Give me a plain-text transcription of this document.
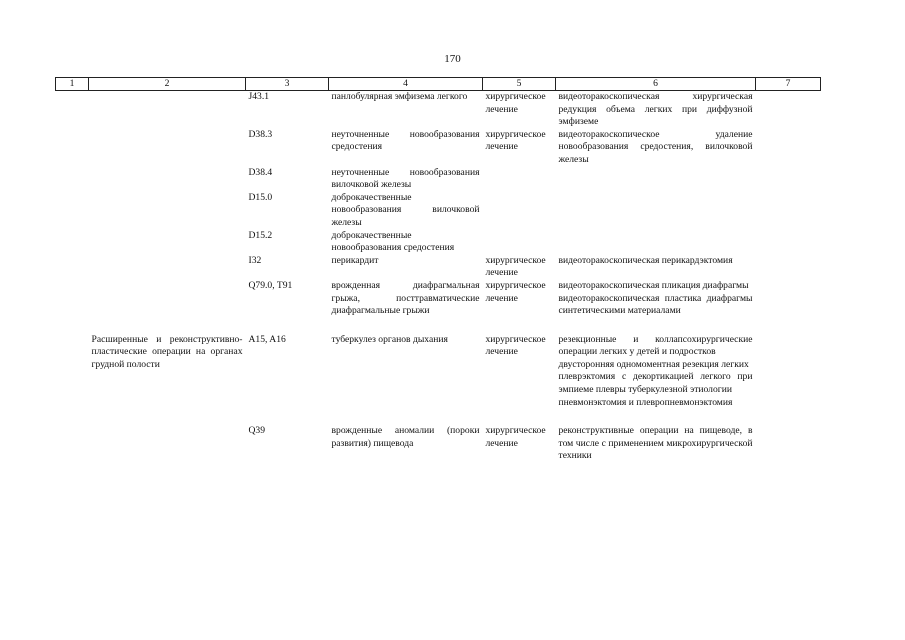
170
1	2	3	4	5	6	7
		J43.1	панлобулярная эмфизема легкого	хирургическое лечение	видеоторакоскопическая хирургическая редукция объема легких при диффузной эмфиземе	

		D38.3	неуточненные новообразования средостения	хирургическое лечение	видеоторакоскопическое удаление новообразования средостения, вилочковой железы	

		D38.4	неуточненные новообразования вилочковой железы			
		D15.0	доброкачественные новообразования вилочковой железы			
		D15.2	доброкачественные новообразования средостения			
		I32	перикардит	хирургическое лечение	видеоторакоскопическая перикардэктомия	

		Q79.0, T91	врожденная диафрагмальная грыжа, посттравматические диафрагмальные грыжи	хирургическое лечение	видеоторакоскопическая пликация диафрагмы
видеоторакоскопическая пластика диафрагмы синтетическими материалами	

	Расширенные и реконструктивно-пластические операции на органах грудной полости	A15, A16	туберкулез органов дыхания	хирургическое лечение	резекционные и коллапсохирургические операции легких у детей и подростков
двусторонняя одномоментная резекция легких
плеврэктомия с декортикацией легкого при эмпиеме плевры туберкулезной этиологии
пневмонэктомия и плевропневмонэктомия	

		Q39	врожденные аномалии (пороки развития) пищевода	хирургическое лечение	реконструктивные операции на пищеводе, в том числе с применением микрохирургической техники	
